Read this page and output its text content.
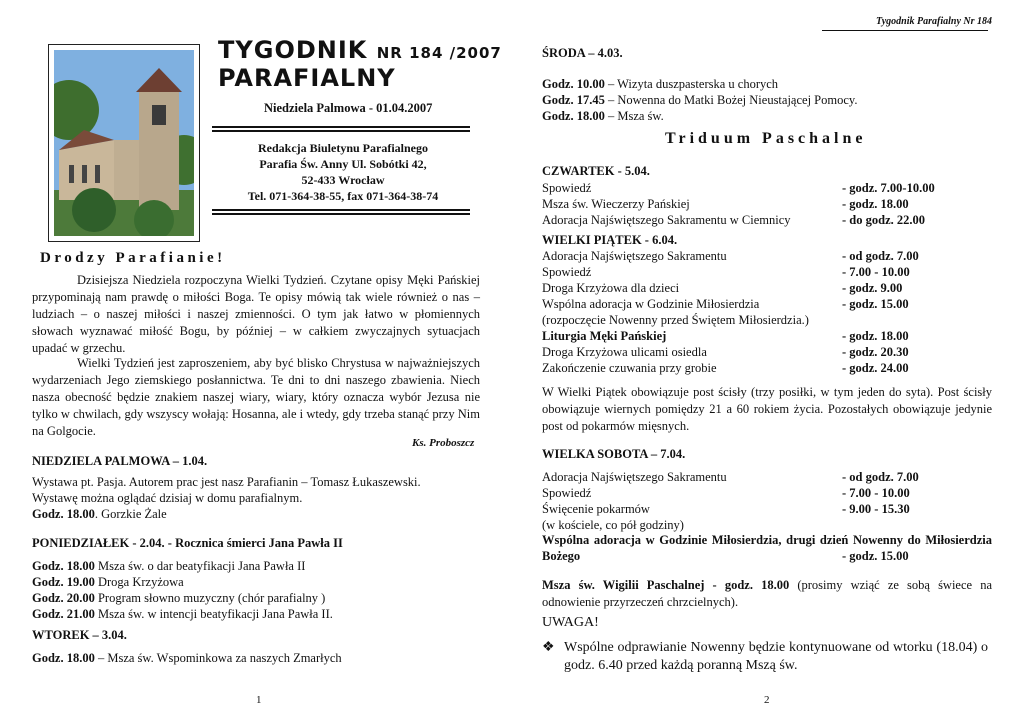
Tygodnik Parafialny Nr 184
TYGODNIK NR 184 /2007
PARAFIALNY
Niedziela Palmowa - 01.04.2007
Redakcja Biuletynu Parafialnego
Parafia Św. Anny Ul. Sobótki 42,
52-433 Wrocław
Tel. 071-364-38-55, fax 071-364-38-74
Drodzy Parafianie!
Dzisiejsza Niedziela rozpoczyna Wielki Tydzień. Czytane opisy Męki Pańskiej przypominają nam prawdę o miłości Boga. Te opisy mówią tak wiele również o nas – ludziach – o naszej miłości i naszej zmienności. O tym jak łatwo w płomiennych słowach wyznawać miłość Bogu, by później – w całkiem zwyczajnych sytuacjach upadać w grzechu.
Wielki Tydzień jest zaproszeniem, aby być blisko Chrystusa w najważniejszych wydarzeniach Jego ziemskiego posłannictwa. Te dni to dni naszego zbawienia. Niech nasza obecność będzie znakiem naszej wiary, wiary, który oznacza wybór Jezusa nie tylko w chwilach, gdy wszyscy wołają: Hosanna, ale i wtedy, gdy trzeba stanąć przy Nim na Golgocie.
Ks. Proboszcz
NIEDZIELA PALMOWA – 1.04.
Wystawa pt. Pasja. Autorem prac jest nasz Parafianin – Tomasz Łukaszewski.
Wystawę można oglądać dzisiaj w domu parafialnym.
Godz. 18.00. Gorzkie Żale
PONIEDZIAŁEK - 2.04. - Rocznica śmierci Jana Pawła II
Godz. 18.00 Msza św. o dar beatyfikacji Jana Pawła II
Godz. 19.00 Droga Krzyżowa
Godz. 20.00 Program słowno muzyczny (chór parafialny )
Godz. 21.00 Msza św. w intencji beatyfikacji Jana Pawła II.
WTOREK – 3.04.
Godz. 18.00 – Msza św. Wspominkowa za naszych Zmarłych
1
ŚRODA – 4.03.
Godz. 10.00 – Wizyta duszpasterska u chorych
Godz. 17.45 – Nowenna do Matki Bożej Nieustającej Pomocy.
Godz. 18.00 – Msza św.
Triduum Paschalne
CZWARTEK - 5.04.
Spowiedź	- godz. 7.00-10.00
Msza św. Wieczerzy Pańskiej	- godz. 18.00
Adoracja Najświętszego Sakramentu w Ciemnicy	- do godz. 22.00
WIELKI PIĄTEK - 6.04.
Adoracja Najświętszego Sakramentu	- od godz. 7.00
Spowiedź	- 7.00 - 10.00
Droga Krzyżowa dla dzieci	- godz. 9.00
Wspólna adoracja w Godzinie Miłosierdzia	- godz. 15.00
(rozpoczęcie Nowenny przed Świętem Miłosierdzia.)
Liturgia Męki Pańskiej	- godz. 18.00
Droga Krzyżowa ulicami osiedla	- godz. 20.30
Zakończenie czuwania przy grobie	- godz. 24.00
W Wielki Piątek obowiązuje post ścisły (trzy posiłki, w tym jeden do syta). Post ścisły obowiązuje wiernych pomiędzy 21 a 60 rokiem życia. Pozostałych obowiązuje jedynie post od pokarmów mięsnych.
WIELKA SOBOTA – 7.04.
Adoracja Najświętszego Sakramentu	- od godz. 7.00
Spowiedź	- 7.00 - 10.00
Święcenie pokarmów	- 9.00 - 15.30
(w kościele, co pół godziny)
Wspólna adoracja w Godzinie Miłosierdzia, drugi dzień Nowenny do Miłosierdzia Bożego	- godz. 15.00
Msza św. Wigilii Paschalnej - godz. 18.00 (prosimy wziąć ze sobą świece na odnowienie przyrzeczeń chrzcielnych).
UWAGA!
❖ Wspólne odprawianie Nowenny będzie kontynuowane od wtorku (18.04) o godz. 6.40 przed każdą poranną Mszą św.
2
